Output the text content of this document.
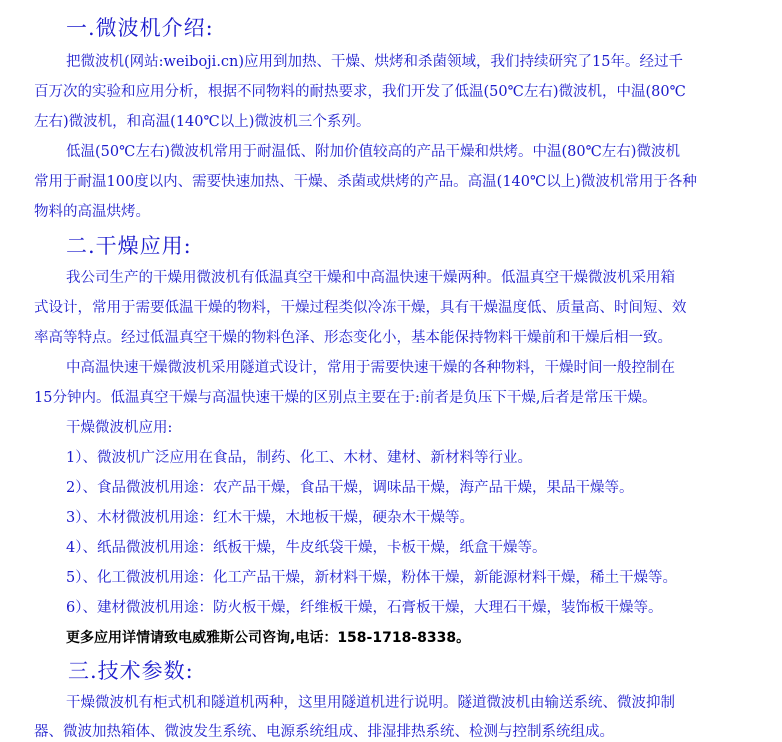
一.微波机介绍:
把微波机(网站:weiboji.cn)应用到加热、干燥、烘烤和杀菌领域，我们持续研究了15年。经过千
百万次的实验和应用分析，根据不同物料的耐热要求，我们开发了低温(50℃左右)微波机，中温(80℃
左右)微波机，和高温(140℃以上)微波机三个系列。
低温(50℃左右)微波机常用于耐温低、附加价值较高的产品干燥和烘烤。中温(80℃左右)微波机
常用于耐温100度以内、需要快速加热、干燥、杀菌或烘烤的产品。高温(140℃以上)微波机常用于各种
物料的高温烘烤。
二.干燥应用:
我公司生产的干燥用微波机有低温真空干燥和中高温快速干燥两种。低温真空干燥微波机采用箱
式设计，常用于需要低温干燥的物料，干燥过程类似冷冻干燥，具有干燥温度低、质量高、时间短、效
率高等特点。经过低温真空干燥的物料色泽、形态变化小，基本能保持物料干燥前和干燥后相一致。
中高温快速干燥微波机采用隧道式设计，常用于需要快速干燥的各种物料，干燥时间一般控制在
15分钟内。低温真空干燥与高温快速干燥的区别点主要在于:前者是负压下干燥,后者是常压干燥。
干燥微波机应用:
1）、微波机广泛应用在食品，制药、化工、木材、建材、新材料等行业。
2）、食品微波机用途：农产品干燥，食品干燥，调味品干燥，海产品干燥，果品干燥等。
3）、木材微波机用途：红木干燥，木地板干燥，硬杂木干燥等。
4）、纸品微波机用途：纸板干燥，牛皮纸袋干燥，卡板干燥，纸盒干燥等。
5）、化工微波机用途：化工产品干燥，新材料干燥，粉体干燥，新能源材料干燥，稀土干燥等。
6）、建材微波机用途：防火板干燥，纤维板干燥，石膏板干燥，大理石干燥，装饰板干燥等。
更多应用详情请致电威雅斯公司咨询,电话：158-1718-8338。
三.技术参数:
干燥微波机有柜式机和隧道机两种，这里用隧道机进行说明。隧道微波机由输送系统、微波抑制
器、微波加热箱体、微波发生系统、电源系统组成、排湿排热系统、检测与控制系统组成。
